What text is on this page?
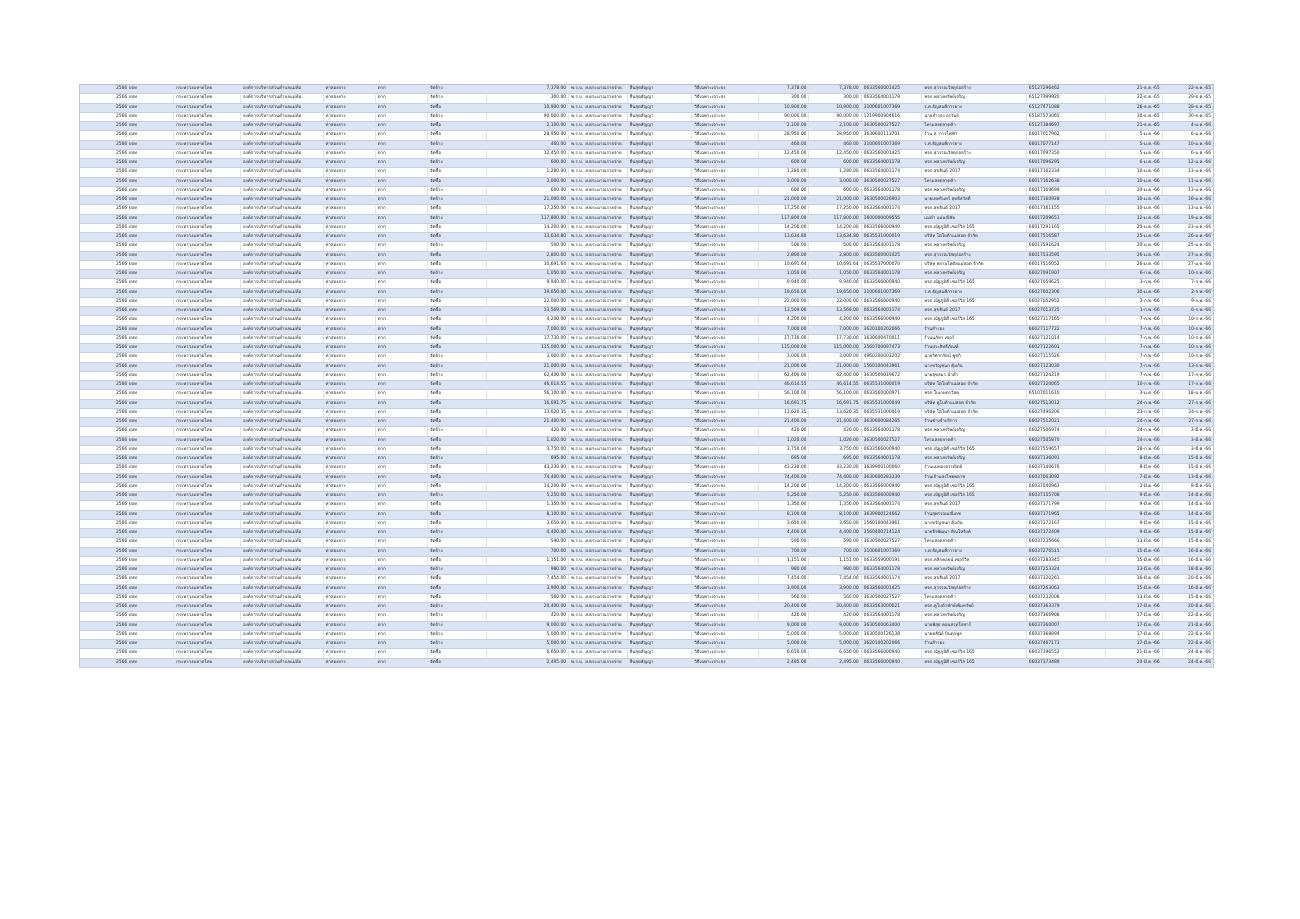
2566 ปปท	กระทรวงมหาดไทย	องค์การบริหารส่วนตำบลแม่ท้อ	ท่าสองยาง	ตาก	จัดจ้าง	7,378.00	พ.ร.บ. งบประมาณรายจ่าย	สิ้นสุดสัญญา	วิธีเฉพาะเจาะจง	7,378.00	7,378.00	0633560001425	หจก.สุวรรณวัสดุก่อสร้าง	65127296462	21-ธ.ค.-65	22-ธ.ค.-65
2566 ปปท	กระทรวงมหาดไทย	องค์การบริหารส่วนตำบลแม่ท้อ	ท่าสองยาง	ตาก	จัดจ้าง	300.00	พ.ร.บ. งบประมาณรายจ่าย	สิ้นสุดสัญญา	วิธีเฉพาะเจาะจง	300.00	300.00	0633564001178	หจก.พลวงทรัพย์เจริญ	65127399920	22-ธ.ค.-65	29-ธ.ค.-65
2566 ปปท	กระทรวงมหาดไทย	องค์การบริหารส่วนตำบลแม่ท้อ	ท่าสองยาง	ตาก	จัดซื้อ	10,900.00	พ.ร.บ. งบประมาณรายจ่าย	สิ้นสุดสัญญา	วิธีเฉพาะเจาะจง	10,900.00	10,900.00	3100601007369	ร.ศ.ธัญสมคีการยาง	65127471088	26-ธ.ค.-65	28-ธ.ค.-65
2566 ปปท	กระทรวงมหาดไทย	องค์การบริหารส่วนตำบลแม่ท้อ	ท่าสองยาง	ตาก	จัดจ้าง	90,000.00	พ.ร.บ. งบประมาณรายจ่าย	สิ้นสุดสัญญา	วิธีเฉพาะเจาะจง	90,000.00	90,000.00	1219900904616	นายสำรอง อรรัมย์	65187573065	30-ธ.ค.-65	30-ธ.ค.-65
2566 ปปท	กระทรวงมหาดไทย	องค์การบริหารส่วนตำบลแม่ท้อ	ท่าสองยาง	ตาก	จัดซื้อ	2,100.00	พ.ร.บ. งบประมาณรายจ่าย	สิ้นสุดสัญญา	วิธีเฉพาะเจาะจง	2,100.00	2,100.00	3630500027527	ไทรแสงตลาดค้า	65127384697	21-ธ.ค.-65	4-ม.ค.-66
2566 ปปท	กระทรวงมหาดไทย	องค์การบริหารส่วนตำบลแม่ท้อ	ท่าสองยาง	ตาก	จัดซื้อ	28,950.00	พ.ร.บ. งบประมาณรายจ่าย	สิ้นสุดสัญญา	วิธีเฉพาะเจาะจง	28,950.00	28,950.00	3630600113701	ร้าน ส. การไฟฟ้า	66017017962	5-ม.ค.-66	6-ม.ค.-66
2566 ปปท	กระทรวงมหาดไทย	องค์การบริหารส่วนตำบลแม่ท้อ	ท่าสองยาง	ตาก	จัดจ้าง	460.00	พ.ร.บ. งบประมาณรายจ่าย	สิ้นสุดสัญญา	วิธีเฉพาะเจาะจง	460.00	460.00	3100601007369	ร.ศ.ธัญสมคีการยาง	66017077147	5-ม.ค.-66	10-ม.ค.-66
2566 ปปท	กระทรวงมหาดไทย	องค์การบริหารส่วนตำบลแม่ท้อ	ท่าสองยาง	ตาก	จัดซื้อ	12,450.00	พ.ร.บ. งบประมาณรายจ่าย	สิ้นสุดสัญญา	วิธีเฉพาะเจาะจง	12,450.00	12,450.00	0633560001425	หจก.สุวรรณวัสดุก่อสร้าง	66017097350	5-ม.ค.-66	6-ม.ค.-66
2566 ปปท	กระทรวงมหาดไทย	องค์การบริหารส่วนตำบลแม่ท้อ	ท่าสองยาง	ตาก	จัดจ้าง	600.00	พ.ร.บ. งบประมาณรายจ่าย	สิ้นสุดสัญญา	วิธีเฉพาะเจาะจง	600.00	600.00	0633564001178	หจก.พลวงทรัพย์เจริญ	66017096295	6-ม.ค.-66	12-ม.ค.-66
2566 ปปท	กระทรวงมหาดไทย	องค์การบริหารส่วนตำบลแม่ท้อ	ท่าสองยาง	ตาก	จัดซื้อ	1,280.00	พ.ร.บ. งบประมาณรายจ่าย	สิ้นสุดสัญญา	วิธีเฉพาะเจาะจง	1,280.00	1,280.00	0633564001174	หจก.สุขจินต์ 2017	66017162334	10-ม.ค.-66	13-ม.ค.-66
2566 ปปท	กระทรวงมหาดไทย	องค์การบริหารส่วนตำบลแม่ท้อ	ท่าสองยาง	ตาก	จัดซื้อ	3,000.00	พ.ร.บ. งบประมาณรายจ่าย	สิ้นสุดสัญญา	วิธีเฉพาะเจาะจง	3,000.00	3,000.00	3630500027527	ไทรแสงตลาดค้า	66017162638	10-ม.ค.-66	11-ม.ค.-66
2566 ปปท	กระทรวงมหาดไทย	องค์การบริหารส่วนตำบลแม่ท้อ	ท่าสองยาง	ตาก	จัดจ้าง	600.00	พ.ร.บ. งบประมาณรายจ่าย	สิ้นสุดสัญญา	วิธีเฉพาะเจาะจง	600.00	600.00	0633564001178	หจก.พลวงทรัพย์เจริญ	66017169699	10-ม.ค.-66	13-ม.ค.-66
2566 ปปท	กระทรวงมหาดไทย	องค์การบริหารส่วนตำบลแม่ท้อ	ท่าสองยาง	ตาก	จัดจ้าง	21,000.00	พ.ร.บ. งบประมาณรายจ่าย	สิ้นสุดสัญญา	วิธีเฉพาะเจาะจง	21,000.00	21,000.00	3630500026903	นายเทพรินทร์ สุทธิสวัสดิ์	66017160928	10-ม.ค.-66	16-ม.ค.-66
2566 ปปท	กระทรวงมหาดไทย	องค์การบริหารส่วนตำบลแม่ท้อ	ท่าสองยาง	ตาก	จัดซื้อ	17,250.00	พ.ร.บ. งบประมาณรายจ่าย	สิ้นสุดสัญญา	วิธีเฉพาะเจาะจง	17,250.00	17,250.00	0633564001174	หจก.สุขจินต์ 2017	66017161155	10-ม.ค.-66	13-ม.ค.-66
2566 ปปท	กระทรวงมหาดไทย	องค์การบริหารส่วนตำบลแม่ท้อ	ท่าสองยาง	ตาก	จัดจ้าง	117,800.00	พ.ร.บ. งบประมาณรายจ่าย	สิ้นสุดสัญญา	วิธีเฉพาะเจาะจง	117,800.00	117,800.00	1600000009555	แม่ดำ แม่มณีชัย	66017209651	12-ม.ค.-66	19-ม.ค.-66
2566 ปปท	กระทรวงมหาดไทย	องค์การบริหารส่วนตำบลแม่ท้อ	ท่าสองยาง	ตาก	จัดซื้อ	14,200.00	พ.ร.บ. งบประมาณรายจ่าย	สิ้นสุดสัญญา	วิธีเฉพาะเจาะจง	14,200.00	14,200.00	0633566000940	หจก.ณัฐภูมิดี เซอร์วิส 165	66017291165	20-ม.ค.-66	23-ม.ค.-66
2566 ปปท	กระทรวงมหาดไทย	องค์การบริหารส่วนตำบลแม่ท้อ	ท่าสองยาง	ตาก	จัดซื้อ	13,634.80	พ.ร.บ. งบประมาณรายจ่าย	สิ้นสุดสัญญา	วิธีเฉพาะเจาะจง	13,634.80	13,634.80	0635531000019	บริษัท โตโยต้าแม่สอด จำกัด	66017516587	25-ม.ค.-66	26-ม.ค.-66
2566 ปปท	กระทรวงมหาดไทย	องค์การบริหารส่วนตำบลแม่ท้อ	ท่าสองยาง	ตาก	จัดจ้าง	500.00	พ.ร.บ. งบประมาณรายจ่าย	สิ้นสุดสัญญา	วิธีเฉพาะเจาะจง	500.00	500.00	0633564001178	หจก.พลวงทรัพย์เจริญ	66017591624	20-ม.ค.-66	25-ม.ค.-66
2566 ปปท	กระทรวงมหาดไทย	องค์การบริหารส่วนตำบลแม่ท้อ	ท่าสองยาง	ตาก	จัดซื้อ	2,800.00	พ.ร.บ. งบประมาณรายจ่าย	สิ้นสุดสัญญา	วิธีเฉพาะเจาะจง	2,800.00	2,800.00	0633560001425	หจก.สุวรรณวัสดุก่อสร้าง	66017533595	26-ม.ค.-66	27-ม.ค.-66
2566 ปปท	กระทรวงมหาดไทย	องค์การบริหารส่วนตำบลแม่ท้อ	ท่าสองยาง	ตาก	จัดซื้อ	10,691.64	พ.ร.บ. งบประมาณรายจ่าย	สิ้นสุดสัญญา	วิธีเฉพาะเจาะจง	10,691.64	10,691.64	0635537000070	บริษัท สยามโลตัสแม่สอด จำกัด	66017516052	26-ม.ค.-66	27-ม.ค.-66
2566 ปปท	กระทรวงมหาดไทย	องค์การบริหารส่วนตำบลแม่ท้อ	ท่าสองยาง	ตาก	จัดจ้าง	1,050.00	พ.ร.บ. งบประมาณรายจ่าย	สิ้นสุดสัญญา	วิธีเฉพาะเจาะจง	1,050.00	1,050.00	0633564001178	หจก.พลวงทรัพย์เจริญ	66027091907	6-ก.พ.-66	10-ก.พ.-66
2566 ปปท	กระทรวงมหาดไทย	องค์การบริหารส่วนตำบลแม่ท้อ	ท่าสองยาง	ตาก	จัดซื้อ	9,940.00	พ.ร.บ. งบประมาณรายจ่าย	สิ้นสุดสัญญา	วิธีเฉพาะเจาะจง	9,940.00	9,940.00	0633566000940	หจก.ณัฐภูมิดี เซอร์วิส 165	66027059625	3-ก.พ.-66	7-ก.พ.-66
2566 ปปท	กระทรวงมหาดไทย	องค์การบริหารส่วนตำบลแม่ท้อ	ท่าสองยาง	ตาก	จัดจ้าง	19,650.00	พ.ร.บ. งบประมาณรายจ่าย	สิ้นสุดสัญญา	วิธีเฉพาะเจาะจง	19,650.00	19,650.00	3100601007369	ร.ศ.ธัญสมคีการยาง	66027602306	30-ม.ค.-66	2-ก.พ.-66
2566 ปปท	กระทรวงมหาดไทย	องค์การบริหารส่วนตำบลแม่ท้อ	ท่าสองยาง	ตาก	จัดซื้อ	22,000.00	พ.ร.บ. งบประมาณรายจ่าย	สิ้นสุดสัญญา	วิธีเฉพาะเจาะจง	22,000.00	22,000.00	0633566000940	หจก.ณัฐภูมิดี เซอร์วิส 165	66027052952	2-ก.พ.-66	9-ก.พ.-66
2566 ปปท	กระทรวงมหาดไทย	องค์การบริหารส่วนตำบลแม่ท้อ	ท่าสองยาง	ตาก	จัดซื้อ	13,569.00	พ.ร.บ. งบประมาณรายจ่าย	สิ้นสุดสัญญา	วิธีเฉพาะเจาะจง	13,569.00	13,569.00	0633564001174	หจก.สุขจินต์ 2017	66027013725	1-ก.พ.-66	6-ก.พ.-66
2566 ปปท	กระทรวงมหาดไทย	องค์การบริหารส่วนตำบลแม่ท้อ	ท่าสองยาง	ตาก	จัดซื้อ	4,200.00	พ.ร.บ. งบประมาณรายจ่าย	สิ้นสุดสัญญา	วิธีเฉพาะเจาะจง	4,200.00	4,200.00	0633566000940	หจก.ณัฐภูมิดี เซอร์วิส 165	66027117165	7-ก.พ.-66	10-ก.พ.-66
2566 ปปท	กระทรวงมหาดไทย	องค์การบริหารส่วนตำบลแม่ท้อ	ท่าสองยาง	ตาก	จัดซื้อ	7,000.00	พ.ร.บ. งบประมาณรายจ่าย	สิ้นสุดสัญญา	วิธีเฉพาะเจาะจง	7,000.00	7,000.00	3620100202066	ร้านสำรอง	66027117722	7-ก.พ.-66	10-ก.พ.-66
2566 ปปท	กระทรวงมหาดไทย	องค์การบริหารส่วนตำบลแม่ท้อ	ท่าสองยาง	ตาก	จัดซื้อ	17,730.00	พ.ร.บ. งบประมาณรายจ่าย	สิ้นสุดสัญญา	วิธีเฉพาะเจาะจง	17,730.00	17,730.00	3630600470011	ร้านนภัทร เซอร์	66027121014	7-ก.พ.-66	10-ก.พ.-66
2566 ปปท	กระทรวงมหาดไทย	องค์การบริหารส่วนตำบลแม่ท้อ	ท่าสองยาง	ตาก	จัดซื้อ	115,000.00	พ.ร.บ. งบประมาณรายจ่าย	สิ้นสุดสัญญา	วิธีเฉพาะเจาะจง	115,000.00	115,000.00	3560700097473	ร้านประสิทธิ์ภัณฑ์	66027122601	7-ก.พ.-66	10-ก.พ.-66
2566 ปปท	กระทรวงมหาดไทย	องค์การบริหารส่วนตำบลแม่ท้อ	ท่าสองยาง	ตาก	จัดจ้าง	3,000.00	พ.ร.บ. งบประมาณรายจ่าย	สิ้นสุดสัญญา	วิธีเฉพาะเจาะจง	3,000.00	3,000.00	4960200003202	นายวิศากรัตน์ ชูตกิ	66027115526	7-ก.พ.-66	10-ก.พ.-66
2566 ปปท	กระทรวงมหาดไทย	องค์การบริหารส่วนตำบลแม่ท้อ	ท่าสองยาง	ตาก	จัดจ้าง	21,000.00	พ.ร.บ. งบประมาณรายจ่าย	สิ้นสุดสัญญา	วิธีเฉพาะเจาะจง	21,000.00	21,000.00	1560100043961	นางขวัญชนก คุ้มกัน	66027123030	7-ก.พ.-66	13-ก.พ.-66
2566 ปปท	กระทรวงมหาดไทย	องค์การบริหารส่วนตำบลแม่ท้อ	ท่าสองยาง	ตาก	จัดจ้าง	62,400.00	พ.ร.บ. งบประมาณรายจ่าย	สิ้นสุดสัญญา	วิธีเฉพาะเจาะจง	62,400.00	62,400.00	3630500019672	นายสุขสมร ฉ่ำค้ำ	66027124319	7-ก.พ.-66	17-ก.พ.-66
2566 ปปท	กระทรวงมหาดไทย	องค์การบริหารส่วนตำบลแม่ท้อ	ท่าสองยาง	ตาก	จัดซื้อ	46,614.55	พ.ร.บ. งบประมาณรายจ่าย	สิ้นสุดสัญญา	วิธีเฉพาะเจาะจง	46,614.55	46,614.55	0635531000019	บริษัท โตโยต้าแม่สอด จำกัด	66027320065	10-ก.พ.-66	17-ก.พ.-66
2566 ปปท	กระทรวงมหาดไทย	องค์การบริหารส่วนตำบลแม่ท้อ	ท่าสองยาง	ตาก	จัดซื้อ	56,100.00	พ.ร.บ. งบประมาณรายจ่าย	สิ้นสุดสัญญา	วิธีเฉพาะเจาะจง	56,100.00	56,100.00	0633560000971	หจก.ใบเกษตรวัสดุ	65107011610	3-ม.ค.-66	18-ม.ค.-66
2566 ปปท	กระทรวงมหาดไทย	องค์การบริหารส่วนตำบลแม่ท้อ	ท่าสองยาง	ตาก	จัดซื้อ	16,691.75	พ.ร.บ. งบประมาณรายจ่าย	สิ้นสุดสัญญา	วิธีเฉพาะเจาะจง	16,691.75	16,691.75	0635531000049	บริษัท คูโบต้าแม่สอด จำกัด	66027513012	24-ก.พ.-66	27-ก.พ.-66
2566 ปปท	กระทรวงมหาดไทย	องค์การบริหารส่วนตำบลแม่ท้อ	ท่าสองยาง	ตาก	จัดซื้อ	13,620.35	พ.ร.บ. งบประมาณรายจ่าย	สิ้นสุดสัญญา	วิธีเฉพาะเจาะจง	13,620.35	13,620.35	0635531000019	บริษัท โตโยต้าแม่สอด จำกัด	66027496306	23-ก.พ.-66	24-ก.พ.-66
2566 ปปท	กระทรวงมหาดไทย	องค์การบริหารส่วนตำบลแม่ท้อ	ท่าสองยาง	ตาก	จัดซื้อ	21,400.00	พ.ร.บ. งบประมาณรายจ่าย	สิ้นสุดสัญญา	วิธีเฉพาะเจาะจง	21,400.00	21,400.00	3630600084265	ร้านช่างจำบริการ	66027512021	24-ก.พ.-66	27-ก.พ.-66
2566 ปปท	กระทรวงมหาดไทย	องค์การบริหารส่วนตำบลแม่ท้อ	ท่าสองยาง	ตาก	จัดจ้าง	420.00	พ.ร.บ. งบประมาณรายจ่าย	สิ้นสุดสัญญา	วิธีเฉพาะเจาะจง	420.00	420.00	0633564001178	หจก.พลวงทรัพย์เจริญ	66027506974	24-ก.พ.-66	3-มี.ค.-66
2566 ปปท	กระทรวงมหาดไทย	องค์การบริหารส่วนตำบลแม่ท้อ	ท่าสองยาง	ตาก	จัดซื้อ	1,020.00	พ.ร.บ. งบประมาณรายจ่าย	สิ้นสุดสัญญา	วิธีเฉพาะเจาะจง	1,020.00	1,020.00	3630500027527	ไทรแสงตลาดค้า	66027505870	24-ก.พ.-66	3-มี.ค.-66
2566 ปปท	กระทรวงมหาดไทย	องค์การบริหารส่วนตำบลแม่ท้อ	ท่าสองยาง	ตาก	จัดซื้อ	3,750.00	พ.ร.บ. งบประมาณรายจ่าย	สิ้นสุดสัญญา	วิธีเฉพาะเจาะจง	3,750.00	3,750.00	0633566000940	หจก.ณัฐภูมิดี เซอร์วิส 165	66027559657	28-ก.พ.-66	3-มี.ค.-66
2566 ปปท	กระทรวงมหาดไทย	องค์การบริหารส่วนตำบลแม่ท้อ	ท่าสองยาง	ตาก	จัดจ้าง	695.00	พ.ร.บ. งบประมาณรายจ่าย	สิ้นสุดสัญญา	วิธีเฉพาะเจาะจง	695.00	695.00	0633564001178	หจก.พลวงทรัพย์เจริญ	66037136091	8-มี.ค.-66	15-มี.ค.-66
2566 ปปท	กระทรวงมหาดไทย	องค์การบริหารส่วนตำบลแม่ท้อ	ท่าสองยาง	ตาก	จัดซื้อ	43,230.00	พ.ร.บ. งบประมาณรายจ่าย	สิ้นสุดสัญญา	วิธีเฉพาะเจาะจง	43,230.00	43,230.00	3639900100060	ร้านแม่ทองจรรณิตย์	66037140676	8-มี.ค.-66	15-มี.ค.-66
2566 ปปท	กระทรวงมหาดไทย	องค์การบริหารส่วนตำบลแม่ท้อ	ท่าสองยาง	ตาก	จัดซื้อ	74,400.00	พ.ร.บ. งบประมาณรายจ่าย	สิ้นสุดสัญญา	วิธีเฉพาะเจาะจง	74,400.00	74,400.00	3630600283339	ร้านเก้าแสงไชยพลาช	66037063092	7-มี.ค.-66	13-มี.ค.-66
2566 ปปท	กระทรวงมหาดไทย	องค์การบริหารส่วนตำบลแม่ท้อ	ท่าสองยาง	ตาก	จัดซื้อ	14,200.00	พ.ร.บ. งบประมาณรายจ่าย	สิ้นสุดสัญญา	วิธีเฉพาะเจาะจง	14,200.00	14,200.00	0633566000940	หจก.ณัฐภูมิดี เซอร์วิส 165	66037040963	3-มี.ค.-66	8-มี.ค.-66
2566 ปปท	กระทรวงมหาดไทย	องค์การบริหารส่วนตำบลแม่ท้อ	ท่าสองยาง	ตาก	จัดจ้าง	5,250.00	พ.ร.บ. งบประมาณรายจ่าย	สิ้นสุดสัญญา	วิธีเฉพาะเจาะจง	5,250.00	5,250.00	0633566000940	หจก.ณัฐภูมิดี เซอร์วิส 165	66037155708	9-มี.ค.-66	14-มี.ค.-66
2566 ปปท	กระทรวงมหาดไทย	องค์การบริหารส่วนตำบลแม่ท้อ	ท่าสองยาง	ตาก	จัดซื้อ	1,350.00	พ.ร.บ. งบประมาณรายจ่าย	สิ้นสุดสัญญา	วิธีเฉพาะเจาะจง	1,350.00	1,350.00	0633564001174	หจก.สุขจินต์ 2017	66037171799	9-มี.ค.-66	14-มี.ค.-66
2566 ปปท	กระทรวงมหาดไทย	องค์การบริหารส่วนตำบลแม่ท้อ	ท่าสองยาง	ตาก	จัดซื้อ	8,100.00	พ.ร.บ. งบประมาณรายจ่าย	สิ้นสุดสัญญา	วิธีเฉพาะเจาะจง	8,100.00	8,100.00	3639900124662	ร้านสุพรรณมณีเดช	66037171965	9-มี.ค.-66	14-มี.ค.-66
2566 ปปท	กระทรวงมหาดไทย	องค์การบริหารส่วนตำบลแม่ท้อ	ท่าสองยาง	ตาก	จัดซื้อ	3,650.00	พ.ร.บ. งบประมาณรายจ่าย	สิ้นสุดสัญญา	วิธีเฉพาะเจาะจง	3,650.00	3,650.00	1560100043961	นางขวัญชนก คุ้มกัน	66037172167	9-มี.ค.-66	15-มี.ค.-66
2566 ปปท	กระทรวงมหาดไทย	องค์การบริหารส่วนตำบลแม่ท้อ	ท่าสองยาง	ตาก	จัดจ้าง	4,400.00	พ.ร.บ. งบประมาณรายจ่าย	สิ้นสุดสัญญา	วิธีเฉพาะเจาะจง	4,400.00	4,400.00	3560400714124	นายจีรพัฒนา ติณโหจิงค์	66037172409	9-มี.ค.-66	15-มี.ค.-66
2566 ปปท	กระทรวงมหาดไทย	องค์การบริหารส่วนตำบลแม่ท้อ	ท่าสองยาง	ตาก	จัดซื้อ	590.00	พ.ร.บ. งบประมาณรายจ่าย	สิ้นสุดสัญญา	วิธีเฉพาะเจาะจง	590.00	590.00	3630500027527	ไทรแสงตลาดค้า	66037235666	13-มี.ค.-66	15-มี.ค.-66
2566 ปปท	กระทรวงมหาดไทย	องค์การบริหารส่วนตำบลแม่ท้อ	ท่าสองยาง	ตาก	จัดจ้าง	700.00	พ.ร.บ. งบประมาณรายจ่าย	สิ้นสุดสัญญา	วิธีเฉพาะเจาะจง	700.00	700.00	3100601007369	ร.ศ.ธัญสมคีการยาง	66037276515	15-มี.ค.-66	16-มี.ค.-66
2566 ปปท	กระทรวงมหาดไทย	องค์การบริหารส่วนตำบลแม่ท้อ	ท่าสองยาง	ตาก	จัดซื้อ	1,151.00	พ.ร.บ. งบประมาณรายจ่าย	สิ้นสุดสัญญา	วิธีเฉพาะเจาะจง	1,151.00	1,151.00	0633559000191	หจก.คลิกคอยน์ เซอร์วิส	66037283345	15-มี.ค.-66	16-มี.ค.-66
2566 ปปท	กระทรวงมหาดไทย	องค์การบริหารส่วนตำบลแม่ท้อ	ท่าสองยาง	ตาก	จัดจ้าง	980.00	พ.ร.บ. งบประมาณรายจ่าย	สิ้นสุดสัญญา	วิธีเฉพาะเจาะจง	980.00	980.00	0633564001178	หจก.พลวงทรัพย์เจริญ	66037253324	13-มี.ค.-66	18-มี.ค.-66
2566 ปปท	กระทรวงมหาดไทย	องค์การบริหารส่วนตำบลแม่ท้อ	ท่าสองยาง	ตาก	จัดซื้อ	7,454.00	พ.ร.บ. งบประมาณรายจ่าย	สิ้นสุดสัญญา	วิธีเฉพาะเจาะจง	7,454.00	7,454.00	0633564001174	หจก.สุขจินต์ 2017	66037320261	16-มี.ค.-66	20-มี.ค.-66
2566 ปปท	กระทรวงมหาดไทย	องค์การบริหารส่วนตำบลแม่ท้อ	ท่าสองยาง	ตาก	จัดซื้อ	3,900.00	พ.ร.บ. งบประมาณรายจ่าย	สิ้นสุดสัญญา	วิธีเฉพาะเจาะจง	3,900.00	3,900.00	0633560001425	หจก.สุวรรณวัสดุก่อสร้าง	66037263063	15-มี.ค.-66	16-มี.ค.-66
2566 ปปท	กระทรวงมหาดไทย	องค์การบริหารส่วนตำบลแม่ท้อ	ท่าสองยาง	ตาก	จัดซื้อ	560.00	พ.ร.บ. งบประมาณรายจ่าย	สิ้นสุดสัญญา	วิธีเฉพาะเจาะจง	560.00	560.00	3630500027527	ไทรแสงตลาดค้า	66037232008	13-มี.ค.-66	15-มี.ค.-66
2566 ปปท	กระทรวงมหาดไทย	องค์การบริหารส่วนตำบลแม่ท้อ	ท่าสองยาง	ตาก	จัดจ้าง	20,400.00	พ.ร.บ. งบประมาณรายจ่าย	สิ้นสุดสัญญา	วิธีเฉพาะเจาะจง	20,400.00	20,400.00	0633563000021	หจก.คูโบต้าทักษ์เพิ่มทรัพย์	66037363379	17-มี.ค.-66	20-มี.ค.-66
2566 ปปท	กระทรวงมหาดไทย	องค์การบริหารส่วนตำบลแม่ท้อ	ท่าสองยาง	ตาก	จัดจ้าง	420.00	พ.ร.บ. งบประมาณรายจ่าย	สิ้นสุดสัญญา	วิธีเฉพาะเจาะจง	420.00	420.00	0633564001178	หจก.พลวงทรัพย์เจริญ	66037366908	17-มี.ค.-66	22-มี.ค.-66
2566 ปปท	กระทรวงมหาดไทย	องค์การบริหารส่วนตำบลแม่ท้อ	ท่าสองยาง	ตาก	จัดจ้าง	9,000.00	พ.ร.บ. งบประมาณรายจ่าย	สิ้นสุดสัญญา	วิธีเฉพาะเจาะจง	9,000.00	9,000.00	3630500063400	นายพิสุธ คอนสรุดใจชาร์	66037360007	17-มี.ค.-66	21-มี.ค.-66
2566 ปปท	กระทรวงมหาดไทย	องค์การบริหารส่วนตำบลแม่ท้อ	ท่าสองยาง	ตาก	จัดจ้าง	5,000.00	พ.ร.บ. งบประมาณรายจ่าย	สิ้นสุดสัญญา	วิธีเฉพาะเจาะจง	5,000.00	5,000.00	3630500126138	นายคลินิย์ บินตุกพูล	66037368894	17-มี.ค.-66	22-มี.ค.-66
2566 ปปท	กระทรวงมหาดไทย	องค์การบริหารส่วนตำบลแม่ท้อ	ท่าสองยาง	ตาก	จัดจ้าง	5,000.00	พ.ร.บ. งบประมาณรายจ่าย	สิ้นสุดสัญญา	วิธีเฉพาะเจาะจง	5,000.00	5,000.00	3620100202066	ร้านสำรอง	66037467173	17-มี.ค.-66	22-มี.ค.-66
2566 ปปท	กระทรวงมหาดไทย	องค์การบริหารส่วนตำบลแม่ท้อ	ท่าสองยาง	ตาก	จัดซื้อ	6,650.00	พ.ร.บ. งบประมาณรายจ่าย	สิ้นสุดสัญญา	วิธีเฉพาะเจาะจง	6,650.00	6,650.00	0633566000940	หจก.ณัฐภูมิดี เซอร์วิส 165	66037396552	21-มี.ค.-66	24-มี.ค.-66
2566 ปปท	กระทรวงมหาดไทย	องค์การบริหารส่วนตำบลแม่ท้อ	ท่าสองยาง	ตาก	จัดซื้อ	2,495.00	พ.ร.บ. งบประมาณรายจ่าย	สิ้นสุดสัญญา	วิธีเฉพาะเจาะจง	2,495.00	2,495.00	0633566000940	หจก.ณัฐภูมิดี เซอร์วิส 165	66037373489	20-มี.ค.-66	24-มี.ค.-66
